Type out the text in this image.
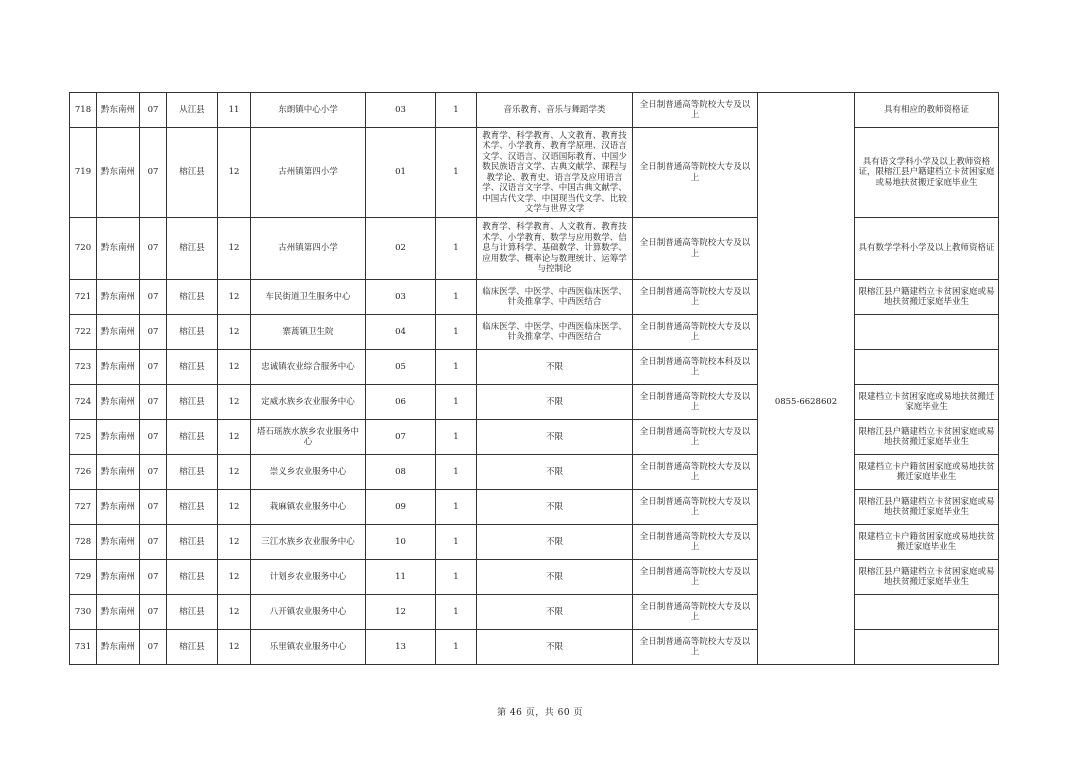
718	黔东南州	07	从江县	11	东朗镇中心小学	03	1	音乐教育、音乐与舞蹈学类	全日制普通高等院校大专及以上		具有相应的教师资格证
719	黔东南州	07	榕江县	12	古州镇第四小学	01	1	教育学、科学教育、人文教育、教育技术学、小学教育、教育学原理、汉语言文学、汉语言、汉语国际教育、中国少数民族语言文学、古典文献学、课程与教学论、教育史、语言学及应用语言学、汉语言文字学、中国古典文献学、中国古代文学、中国现当代文学、比较文学与世界文学	全日制普通高等院校大专及以上		具有语文学科小学及以上教师资格证，限榕江县户籍建档立卡贫困家庭或易地扶贫搬迁家庭毕业生
720	黔东南州	07	榕江县	12	古州镇第四小学	02	1	教育学、科学教育、人文教育、教育技术学、小学教育、数学与应用数学、信息与计算科学、基础数学、计算数学、应用数学、概率论与数理统计、运筹学与控制论	全日制普通高等院校大专及以上		具有数学学科小学及以上教师资格证
721	黔东南州	07	榕江县	12	车民街道卫生服务中心	03	1	临床医学、中医学、中西医临床医学、针灸推拿学、中西医结合	全日制普通高等院校大专及以上		限榕江县户籍建档立卡贫困家庭或易地扶贫搬迁家庭毕业生
722	黔东南州	07	榕江县	12	寨蒿镇卫生院	04	1	临床医学、中医学、中西医临床医学、针灸推拿学、中西医结合	全日制普通高等院校大专及以上		
723	黔东南州	07	榕江县	12	忠诚镇农业综合服务中心	05	1	不限	全日制普通高等院校本科及以上		
724	黔东南州	07	榕江县	12	定威水族乡农业服务中心	06	1	不限	全日制普通高等院校大专及以上	0855-6628602	限建档立卡贫困家庭或易地扶贫搬迁家庭毕业生
725	黔东南州	07	榕江县	12	塔石瑶族水族乡农业服务中心	07	1	不限	全日制普通高等院校大专及以上		限榕江县户籍建档立卡贫困家庭或易地扶贫搬迁家庭毕业生
726	黔东南州	07	榕江县	12	崇义乡农业服务中心	08	1	不限	全日制普通高等院校大专及以上		限建档立卡户籍贫困家庭或易地扶贫搬迁家庭毕业生
727	黔东南州	07	榕江县	12	栽麻镇农业服务中心	09	1	不限	全日制普通高等院校大专及以上		限榕江县户籍建档立卡贫困家庭或易地扶贫搬迁家庭毕业生
728	黔东南州	07	榕江县	12	三江水族乡农业服务中心	10	1	不限	全日制普通高等院校大专及以上		限建档立卡户籍贫困家庭或易地扶贫搬迁家庭毕业生
729	黔东南州	07	榕江县	12	计划乡农业服务中心	11	1	不限	全日制普通高等院校大专及以上		限榕江县户籍建档立卡贫困家庭或易地扶贫搬迁家庭毕业生
730	黔东南州	07	榕江县	12	八开镇农业服务中心	12	1	不限	全日制普通高等院校大专及以上		
731	黔东南州	07	榕江县	12	乐里镇农业服务中心	13	1	不限	全日制普通高等院校大专及以上		
第 46 页，共 60 页
